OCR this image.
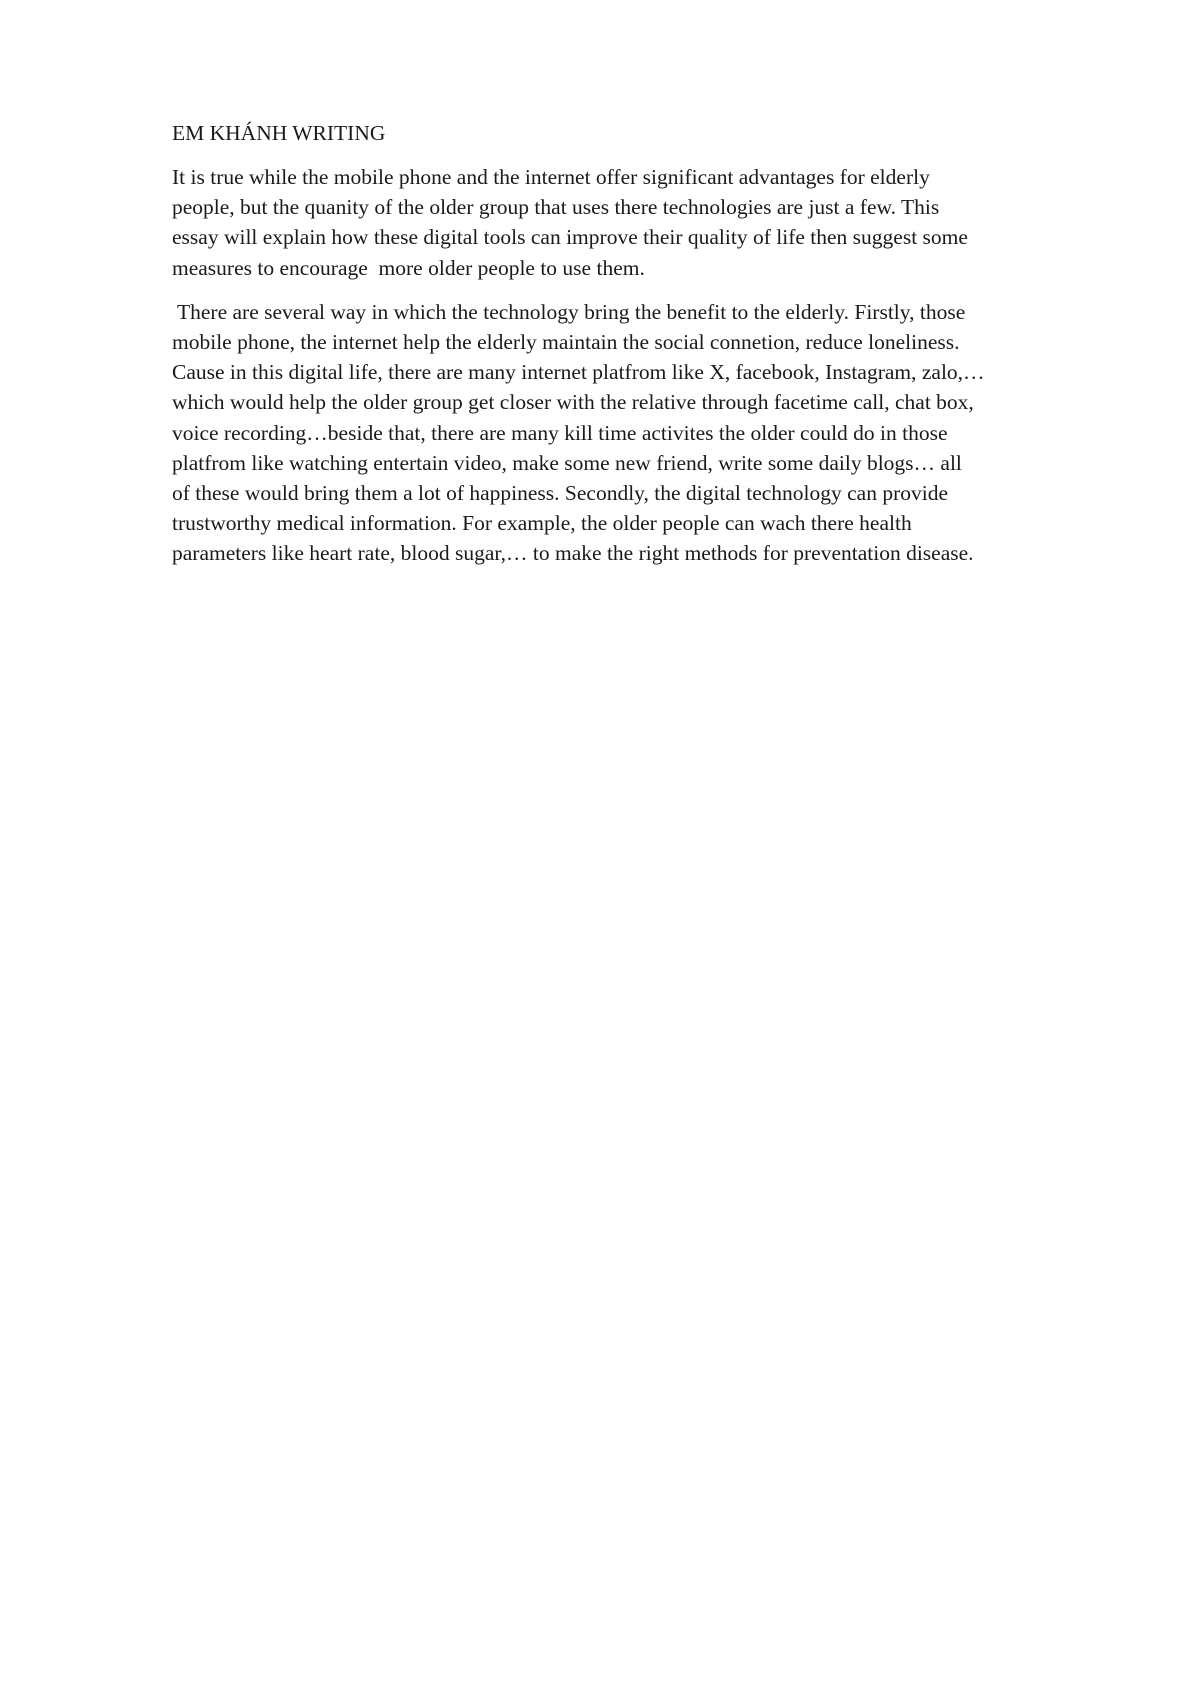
EM KHÁNH WRITING
It is true while the mobile phone and the internet offer significant advantages for elderly
people, but the quanity of the older group that uses there technologies are just a few. This
essay will explain how these digital tools can improve their quality of life then suggest some
measures to encourage  more older people to use them.
There are several way in which the technology bring the benefit to the elderly. Firstly, those
mobile phone, the internet help the elderly maintain the social connetion, reduce loneliness.
Cause in this digital life, there are many internet platfrom like X, facebook, Instagram, zalo,…
which would help the older group get closer with the relative through facetime call, chat box,
voice recording…beside that, there are many kill time activites the older could do in those
platfrom like watching entertain video, make some new friend, write some daily blogs… all
of these would bring them a lot of happiness. Secondly, the digital technology can provide
trustworthy medical information. For example, the older people can wach there health
parameters like heart rate, blood sugar,… to make the right methods for preventation disease.
